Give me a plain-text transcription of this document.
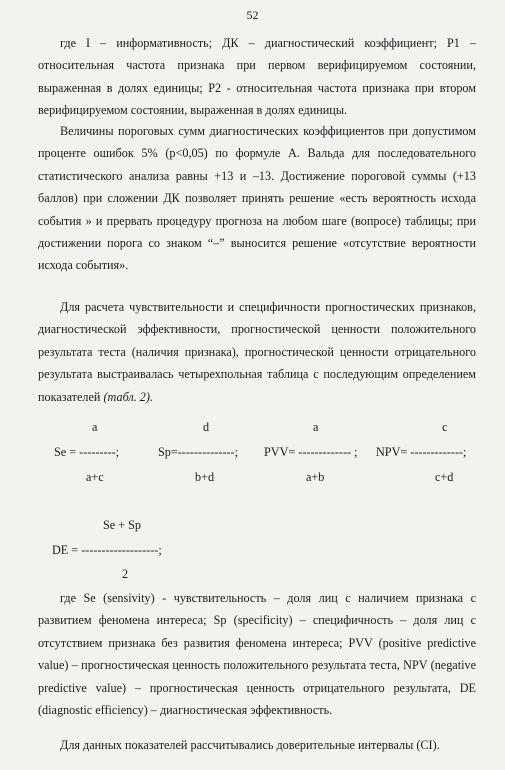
52

где I – информативность; ДК – диагностический коэффициент; P1 – относительная частота признака при первом верифицируемом состоянии, выраженная в долях единицы; P2 - относительная частота признака при втором верифицируемом состоянии, выраженная в долях единицы.

Величины пороговых сумм диагностических коэффициентов при допустимом проценте ошибок 5% (p<0,05) по формуле А. Вальда для последовательного статистического анализа равны +13 и –13. Достижение пороговой суммы (+13 баллов) при сложении ДК позволяет принять решение «есть вероятность исхода события » и прервать процедуру прогноза на любом шаге (вопросе) таблицы; при достижении порога со знаком “–” выносится решение «отсутствие вероятности исхода события».

Для расчета чувствительности и специфичности прогностических признаков, диагностической эффективности, прогностической ценности положительного результата теста (наличия признака), прогностической ценности отрицательного результата выстраивалась четырехпольная таблица с последующим определением показателей (табл. 2).

a
Se = ---------;
a+c
d
Sp=--------------;
b+d
a
PVV= ------------- ;
a+b
c
NPV= -------------;
c+d
Se + Sp
DE = -------------------;
2

где Se (sensivity) - чувствительность – доля лиц с наличием признака с развитием феномена интереса; Sp (specificity) – специфичность – доля лиц с отсутствием признака без развития феномена интереса; PVV (positive predictive value) – прогностическая ценность положительного результата теста, NPV (negative predictive value) – прогностическая ценность отрицательного результата, DE (diagnostic efficiency) – диагностическая эффективность.

Для данных показателей рассчитывались доверительные интервалы (CI).
